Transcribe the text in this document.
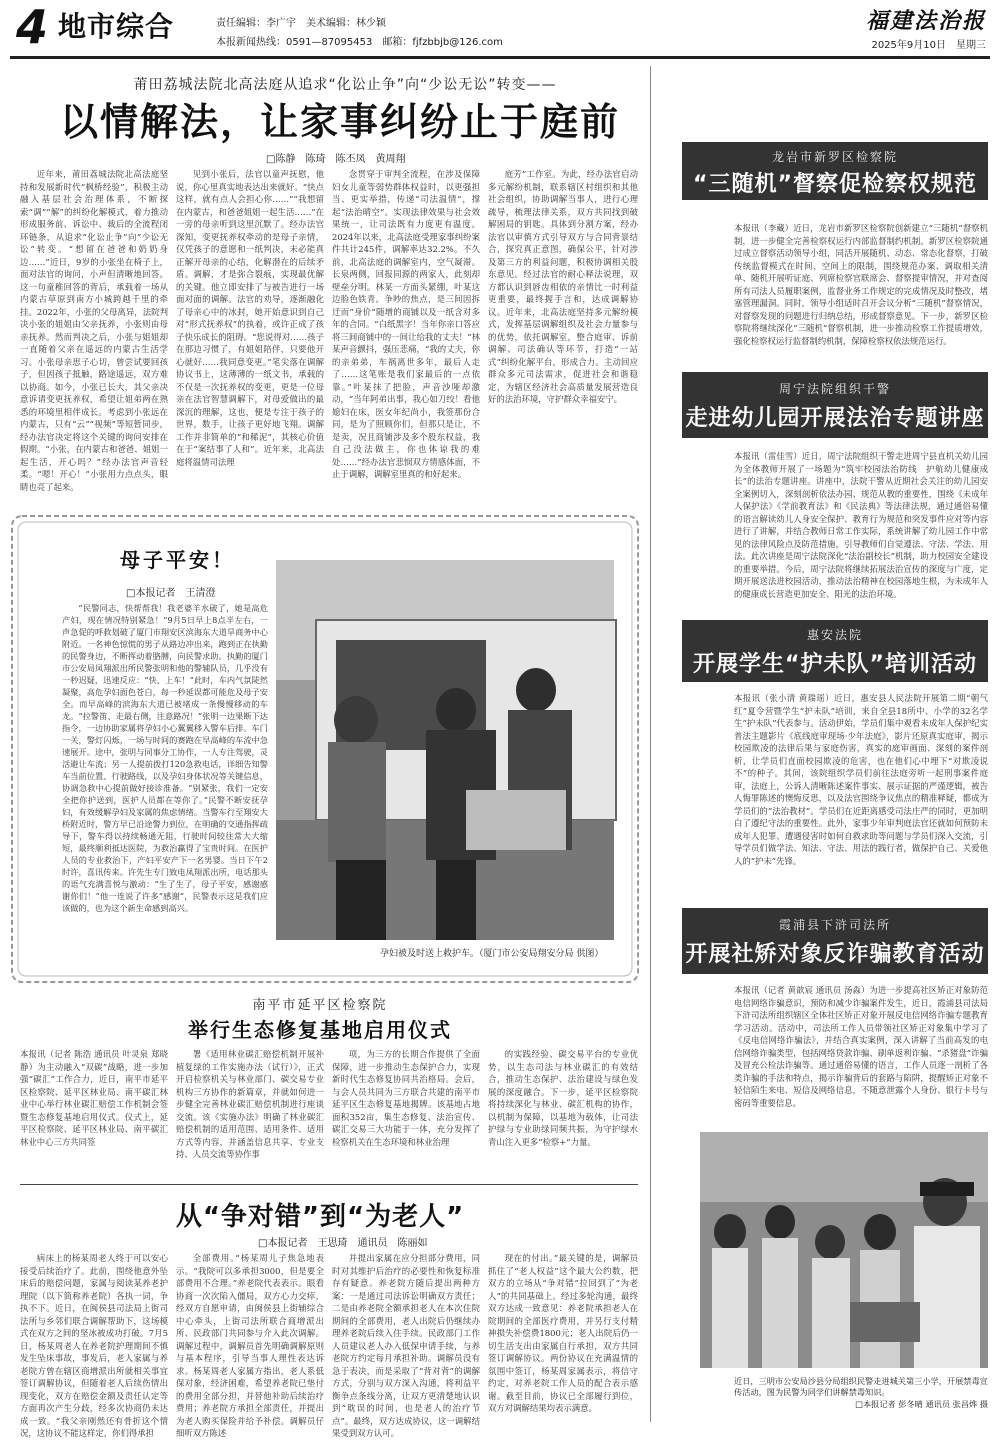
4 地市综合	责任编辑：李广宇　美术编辑：林少颖
本报新闻热线：0591—87095453　邮箱：fjfzbbjb@126.com
福建法治报
2025年9月10日　星期三
莆田荔城法院北高法庭从追求“化讼止争”向“少讼无讼”转变——
以情解法，让家事纠纷止于庭前
□陈静　陈琦　陈丕凤　黄周翔

近年来，莆田荔城法院北高法庭坚持和发展新时代“枫桥经验”，积极主动融入基层社会治理体系，不断探索“调”“解”的纠纷化解模式，着力推动形成服务前、诉讼中、裁后的全流程闭环链条，从追求“化讼止争”向“少讼无讼”转变。“想留在爸爸和奶奶身边……”近日，9岁的小张坐在椅子上，面对法官的询问，小声但清晰地回答。这一句童稚回答的背后，承载着一场从内蒙古草原到南方小城跨越千里的牵挂。2022年，小张的父母离异，法院判决小张的姐姐由父亲抚养，小张则由母亲抚养。然而判决之后，小张与姐姐却一直随着父亲在遥远的内蒙古生活学习。小张母亲思子心切，曾尝试要回孩子，但因孩子抵触，路途遥远，双方难以协商。如今，小张已长大，其父亲决意诉请变更抚养权，希望让姐弟两在熟悉的环境里相伴成长。考虑到小张远在内蒙古，只有“云”“视频”等短暂同步，经办法官决定将这个关键的询问安排在假期。“小张，在内蒙古和爸爸、姐姐一起生活，开心吗？”经办法官声音轻柔。“嗯！开心！”小张用力点点头，眼睛也亮了起来。

见到小张后，法官以童声抚慰，他说，你心里真实地表达出来就好。“快点这样，就有点人会担心你……”“我想留在内蒙古，和爸爸姐姐一起生活……”在一旁的母亲听到这里沉默了。经办法官深知，变更抚养权牵动的是母子亲情，仅凭孩子的意愿和一纸判决，未必能真正解开母亲的心结，化解潜在的后续矛盾。调解，才是弥合裂痕，实现最优解的关键。他立即安排了与被告进行一场面对面的调解。法官的劝导，逐渐融化了母亲心中的冰封，她开始意识到自己对“形式抚养权”的执着，或许正成了孩子快乐成长的阻碍。“您说得对……孩子在那边习惯了，有姐姐陪伴，只要他开心就好……我同意变更。”笔尖落在调解协议书上，这薄薄的一纸文书，承载的不仅是一次抚养权的变更，更是一位母亲在法官智慧调解下，对母爱做出的最深沉的理解，这也，便是专注于孩子的世界，数手，让孩子更好地飞翔。调解工作并非简单的“和稀泥”，其核心价值在于“案结事了人和”。近年来，北高法庭将温情司法理

念贯穿于审判全流程，在涉及保障妇女儿童等弱势群体权益时，以更强担当、更实举措，传递“司法温情”，撑起“法治晴空”。实现法律效果与社会效果统一，让司法既有力度更有温度。2024年以来，北高法庭受理家事纠纷案件共计245件，调解率达32.2%。不久前，北高法庭的调解室内，空气凝滞。长泉两侧，回报同源的两家人，此刻却壁垒分明。林某一方面头紧绷，叶某这边脸色铁青。争吵的焦点，是三间因拆迁而“身价”随增的商铺以及一纸含对多年的合同。“白纸黑字！当年你亲口答应将三间商铺中的一间让给我的丈夫！”林某声音颤抖，强压悲痛，“我的丈夫，你的亲弟弟，车祸离世多年，最后人走了……这笔账是我们家最后的一点依靠。”叶某抹了把脸，声音沙哑却激动，“当年阿弟出事，我心如刀绞！看他媳妇在床，医女年纪尚小，我签那份合同，是为了照顾你们，但那只是让，不是卖，况且商铺涉及多个股东权益，我自己没法做主，你也体谅我的难处……”经办法官悲悯双方情感体面，不止于调解，调解室里真的和好起来。

庭芳”工作室。为此，经办法官启动多元解纷机制，联系辖区村组织和其他社会组织，协助调解当事人，进行心理疏导，梳理法律关系，双方共同找到破解困局的钥匙。具体到分割方案，经办法官以审慎方式引导双方与合同背景结合，探究真正意图，确保公平，针对涉及第三方的利益问题，积极协调相关股东意见。经过法官的耐心释法说理，双方都认识到唇齿相依的亲情比一时利益更重要，最终握手言和，达成调解协议。近年来，北高法庭坚持多元解纷模式，发挥基层调解组织及社会力量参与的优势，依托调解室，整合庭审、诉前调解、司法确认等环节，打造“一站式”纠纷化解平台，形成合力。主动回应群众多元司法需求，促进社会和谐稳定，为辖区经济社会高质量发展营造良好的法治环境，守护群众幸福安宁。

母子平安！
□本报记者　王清澄

“民警同志，快帮帮我！我老婆羊水破了，她是高危产妇，现在情况特别紧急！”9月5日早上8点半左右，一声急促的呼救划破了厦门市翔安区滨海东大道旱商务中心附近。一名神色惊慌的男子从路边冲出来，跑到正在执勤的民警身边，不断挥动着胳膊，向民警求助。执勤的厦门市公安局凤翔派出所民警张明和他的警辅队员，几乎没有一秒迟疑，迅速反应：“快，上车！”此时，车内气氛陡然凝聚，高危孕妇面色苍白，每一秒延误都可能危及母子安全。而早高峰的滨海东大道已被堵成一条慢慢移动的车龙。“拉警笛、走最右侧，注意路况！”张明一边果断下达指令，一边协助家属将孕妇小心翼翼移入警车后排。车门一关，警灯闪烁，一场与时间的赛跑在早高峰的车流中急速展开。途中，张明与同事分工协作，一人专注驾驶，灵活避让车流；另一人提前拨打120急救电话，详细告知警车当前位置、行驶路线，以及孕妇身体状况等关键信息，协调急救中心提前做好接诊准备。“别紧张，我们一定安全把你护送到，医护人员都在等你了。”民警不断安抚孕妇，有效缓解孕妇及家属的焦虑情绪。当警车行至翔安大桥附近时，警方早已沿途警力到位，在明确的交通指挥疏导下，警车得以持续畅通无阻，行驶时间较往常大大缩短，最终顺利抵达医院，为救治赢得了宝贵时间。在医护人员的专业救治下，产妇平安产下一名男婴。当日下午2时许，喜讯传来。许先生专门致电凤翔派出所，电话那头的语气充满喜悦与激动：“生了生了，母子平安，感谢感谢你们！”他一连说了许多“感谢”，民警表示这是我们应该做的，也为这个新生命感到高兴。

孕妇被及时送上救护车。（厦门市公安局翔安分局 供图）
南平市延平区检察院
举行生态修复基地启用仪式

本报讯（记者 陈浩 通讯员 叶灵泉 郑晓静）为主动融入“双碳”战略，进一步加强“碳汇”工作合力，近日，南平市延平区检察院、延平区林业局、南平碳汇林业中心举行林业碳汇赔偿工作机制会签暨生态修复基地启用仪式。仪式上，延平区检察院、延平区林业局、南平碳汇林业中心三方共同签

署《适用林业碳汇赔偿机制开展补植复绿的工作实施办法（试行）》，正式开启检察机关与林业部门、碳交易专业机构三方协作的新篇章，并就如何进一步健全完善林业碳汇赔偿机制进行座谈交流。该《实施办法》明确了林业碳汇赔偿机制的适用范围、适用条件、适用方式等内容，并涵盖信息共享、专业支持、人员交流等协作事

项，为三方的长期合作提供了全面保障，进一步推动生态保护合力，实现新时代生态修复协同共治格局。会后，与会人员共同为三方联合共建的南平市延平区生态修复基地揭牌。该基地占地面积352亩，集生态修复、法治宣传、碳汇交易三大功能于一体，充分发挥了检察机关在生态环境和林业治理

的实践经验、碳交易平台的专业优势，以生态司法与林业碳汇的有效结合，推动生态保护、法治建设与绿色发展的深度融合。下一步，延平区检察院将持续深化与林业、碳汇机构的协作，以机制为保障，以基地为载体，让司法护绿与专业助绿同频共振，为守护绿水青山注入更多“检察+”力量。

从“争对错”到“为老人”
□本报记者　王思琦　通讯员　陈丽如

病床上的杨某周老人终于可以安心接受后续治疗了。此前，围绕他意外坠床后的赔偿问题，家属与阅读某养老护理院（以下简称养老院）各执一词，争执不下。近日，在闽侯县司法局上街司法所与乡邻们联合调解帮助下，这场模式在双方之间的坚冰被成功打破。7月5日，杨某周老人在养老院护理期间不慎发生坠床事故，事发后，老人家属与养老院方曾在辖区商增派出所就相关事宜签订调解协议，但随着老人后续伤情出现变化，双方在赔偿金额及责任认定等方面再次产生分歧，经多次协商仍未达成一致。“我父亲刚然还有骨折这个情况，这协议不能这样定，你们得承担

全部费用。”杨某周儿子焦急地表示。“我院可以多承担3000，但是要全部费用不合理。”养老院代表表示。眼看协商一次次陷入僵局，双方心力交瘁，经双方自愿申请，由闽侯县上街辅综合中心牵头，上街司法所联合商增派出所、民政部门共同参与介入此次调解。调解过程中，调解员首先明确调解原则与基本程序，引导当事人理性表达诉求。杨某周老人家属方指出，老人系低保对象，经济困难，希望养老院已垫付的费用全部分担，并替他补助后续治疗费用；养老院方承担全部责任，并提出为老人购买保险并给予补偿。调解员仔细听双方陈述

并提出家属在应分担部分费用，同时对其维护后治疗的必要性和恢复标准存有疑意。养老院方随后提出两种方案：一是通过司法诉讼明确双方责任；二是由养老院全额承担老人在本次住院期间的全部费用，老人出院后仍继续办理养老院后续入住手续。民政部门工作人员建议老人办入低保申请手续，与养老院方约定每月承担补助。调解员没有急于表决，而是采取了“背对背”的调解方式，分别与双方深入沟通，将利益平衡争点条线分离，让双方更清楚地认识到“耽误的时间，也是老人的治疗节点”。最终，双方达成协议，这一调解结果受到双方认可。

现在的付出。”最关键的是，调解员抓住了“老人权益”这个最大公约数，把双方的立场从“争对错”拉回到了“为老人”的共同基础上。经过多轮沟通，最终双方达成一致意见：养老院承担老人在院期间的全部医疗费用，并另行支付精神损失补偿费1800元；老人出院后仍一切生活支出由家属自行承担，双方共同签订调解协议。两份协议在充满温情的氛围中签订，杨某周家属表示，将信守约定，对养老院工作人员的配合表示感谢。截至目前，协议已全部履行到位，双方对调解结果均表示满意。

龙岩市新罗区检察院
“三随机”督察促检察权规范运行

本报讯（李藏）近日，龙岩市新罗区检察院创新建立“三随机”督察机制，进一步健全完善检察权运行内部监督制约机制。新罗区检察院通过成立督察活动领导小组，同活开展随机、动态、常态化督察，打破传统监督模式在时间、空间上的限制，围绕规范办案、调取相关清单、随机开展听证庭、列席检察官联席会、督察提审情况，并对查阅所有司法人员履职案例，监督业务工作规定的完成情况及时整改，堵塞管理漏洞。同时，领导小组适时召开会议分析“三随机”督察情况，对督察发现的问题进行归纳总结，形成督察意见。下一步，新罗区检察院将继续深化“三随机”督察机制，进一步推动检察工作提质增效，强化检察权运行监督制约机制，保障检察权依法规范运行。

周宁法院组织干警
走进幼儿园开展法治专题讲座

本报讯（雷佳雪）近日，周宁法院组织干警走进周宁县直机关幼儿园为全体教师开展了一场题为“筑牢校园法治防线　护航幼儿健康成长”的法治专题讲座。讲座中，法院干警从近期社会关注的幼儿园安全案例切入，深刻剖析依法办园、规范从教的重要性，围绕《未成年人保护法》《学前教育法》和《民法典》等法律法规，通过通俗易懂的语言解读幼儿人身安全保护、教育行为规范和突发事件应对等内容进行了讲解，并结合教师日常工作实际，系统讲解了幼儿园工作中常见的法律风险点及防范措施，引导教师们自觉遵法、守法、学法、用法。此次讲座是周宁法院深化“法治副校长”机制，助力校园安全建设的重要举措。今后，周宁法院将继续拓展法治宣传的深度与广度，定期开展送法进校园活动，推动法治精神在校园落地生根，为未成年人的健康成长营造更加安全、阳光的法治环境。

惠安法院
开展学生“护未队”培训活动

本报讯（张小清 黄瑞瑶）近日，惠安县人民法院开展第二期“朝气红”夏令营暨学生“护未队”培训，来自全县18所中、小学的32名学生“护未队”代表参与。活动伊始，学员们集中观看未成年人保护纪实普法主题影片《底线庭审现场·少年法庭》，影片还原真实庭审，揭示校园欺凌的法律后果与家庭伤害，真实的庭审画面、深刻的案件剖析，让学员们直面校园欺凌的危害，也在他们心中埋下“对欺凌说不”的种子。其间，该院组织学员们前往法庭旁听一起刑事案件庭审，法庭上，公诉人清晰陈述案件事实、展示证据的严谨逻辑，被告人悔罪陈述的懊悔反思，以及法官围绕争议焦点的精准释疑，都成为学员们的“法治教材”。学员们在近距离感受司法庄严的同时，更加明白了遵纪守法的重要性。此外，家事少年审判庭法官还就如何预防未成年人犯罪、遭遇侵害时如何自救求助等问题与学员们深入交流，引导学员们做学法、知法、守法、用法的践行者，做保护自己、关爱他人的“护未”先锋。

霞浦县下浒司法所
开展社矫对象反诈骗教育活动

本报讯（记者 黄歆宸 通讯员 汤淼）为进一步提高社区矫正对象防范电信网络诈骗意识，预防和减少诈骗案件发生，近日，霞浦县司法局下浒司法所组织辖区全体社区矫正对象开展反电信网络诈骗专题教育学习活动。活动中，司法所工作人员带领社区矫正对象集中学习了《反电信网络诈骗法》，并结合真实案例，深入讲解了当前高发的电信网络诈骗类型，包括网络贷款诈骗、刷单返利诈骗、“杀猪盘”诈骗及冒充公检法诈骗等。通过通俗易懂的语言，工作人员逐一剖析了各类诈骗的手法和特点，揭示诈骗背后的套路与陷阱，提醒矫正对象不轻信陌生来电、短信及网络信息，不随意泄露个人身份、银行卡号与密码等重要信息。

近日，三明市公安局沙县分局组织民警走进城关第三小学，开展禁毒宣传活动，图为民警为同学们讲解禁毒知识。
□本报记者 彭冬晴 通讯员 张昌烨 摄
